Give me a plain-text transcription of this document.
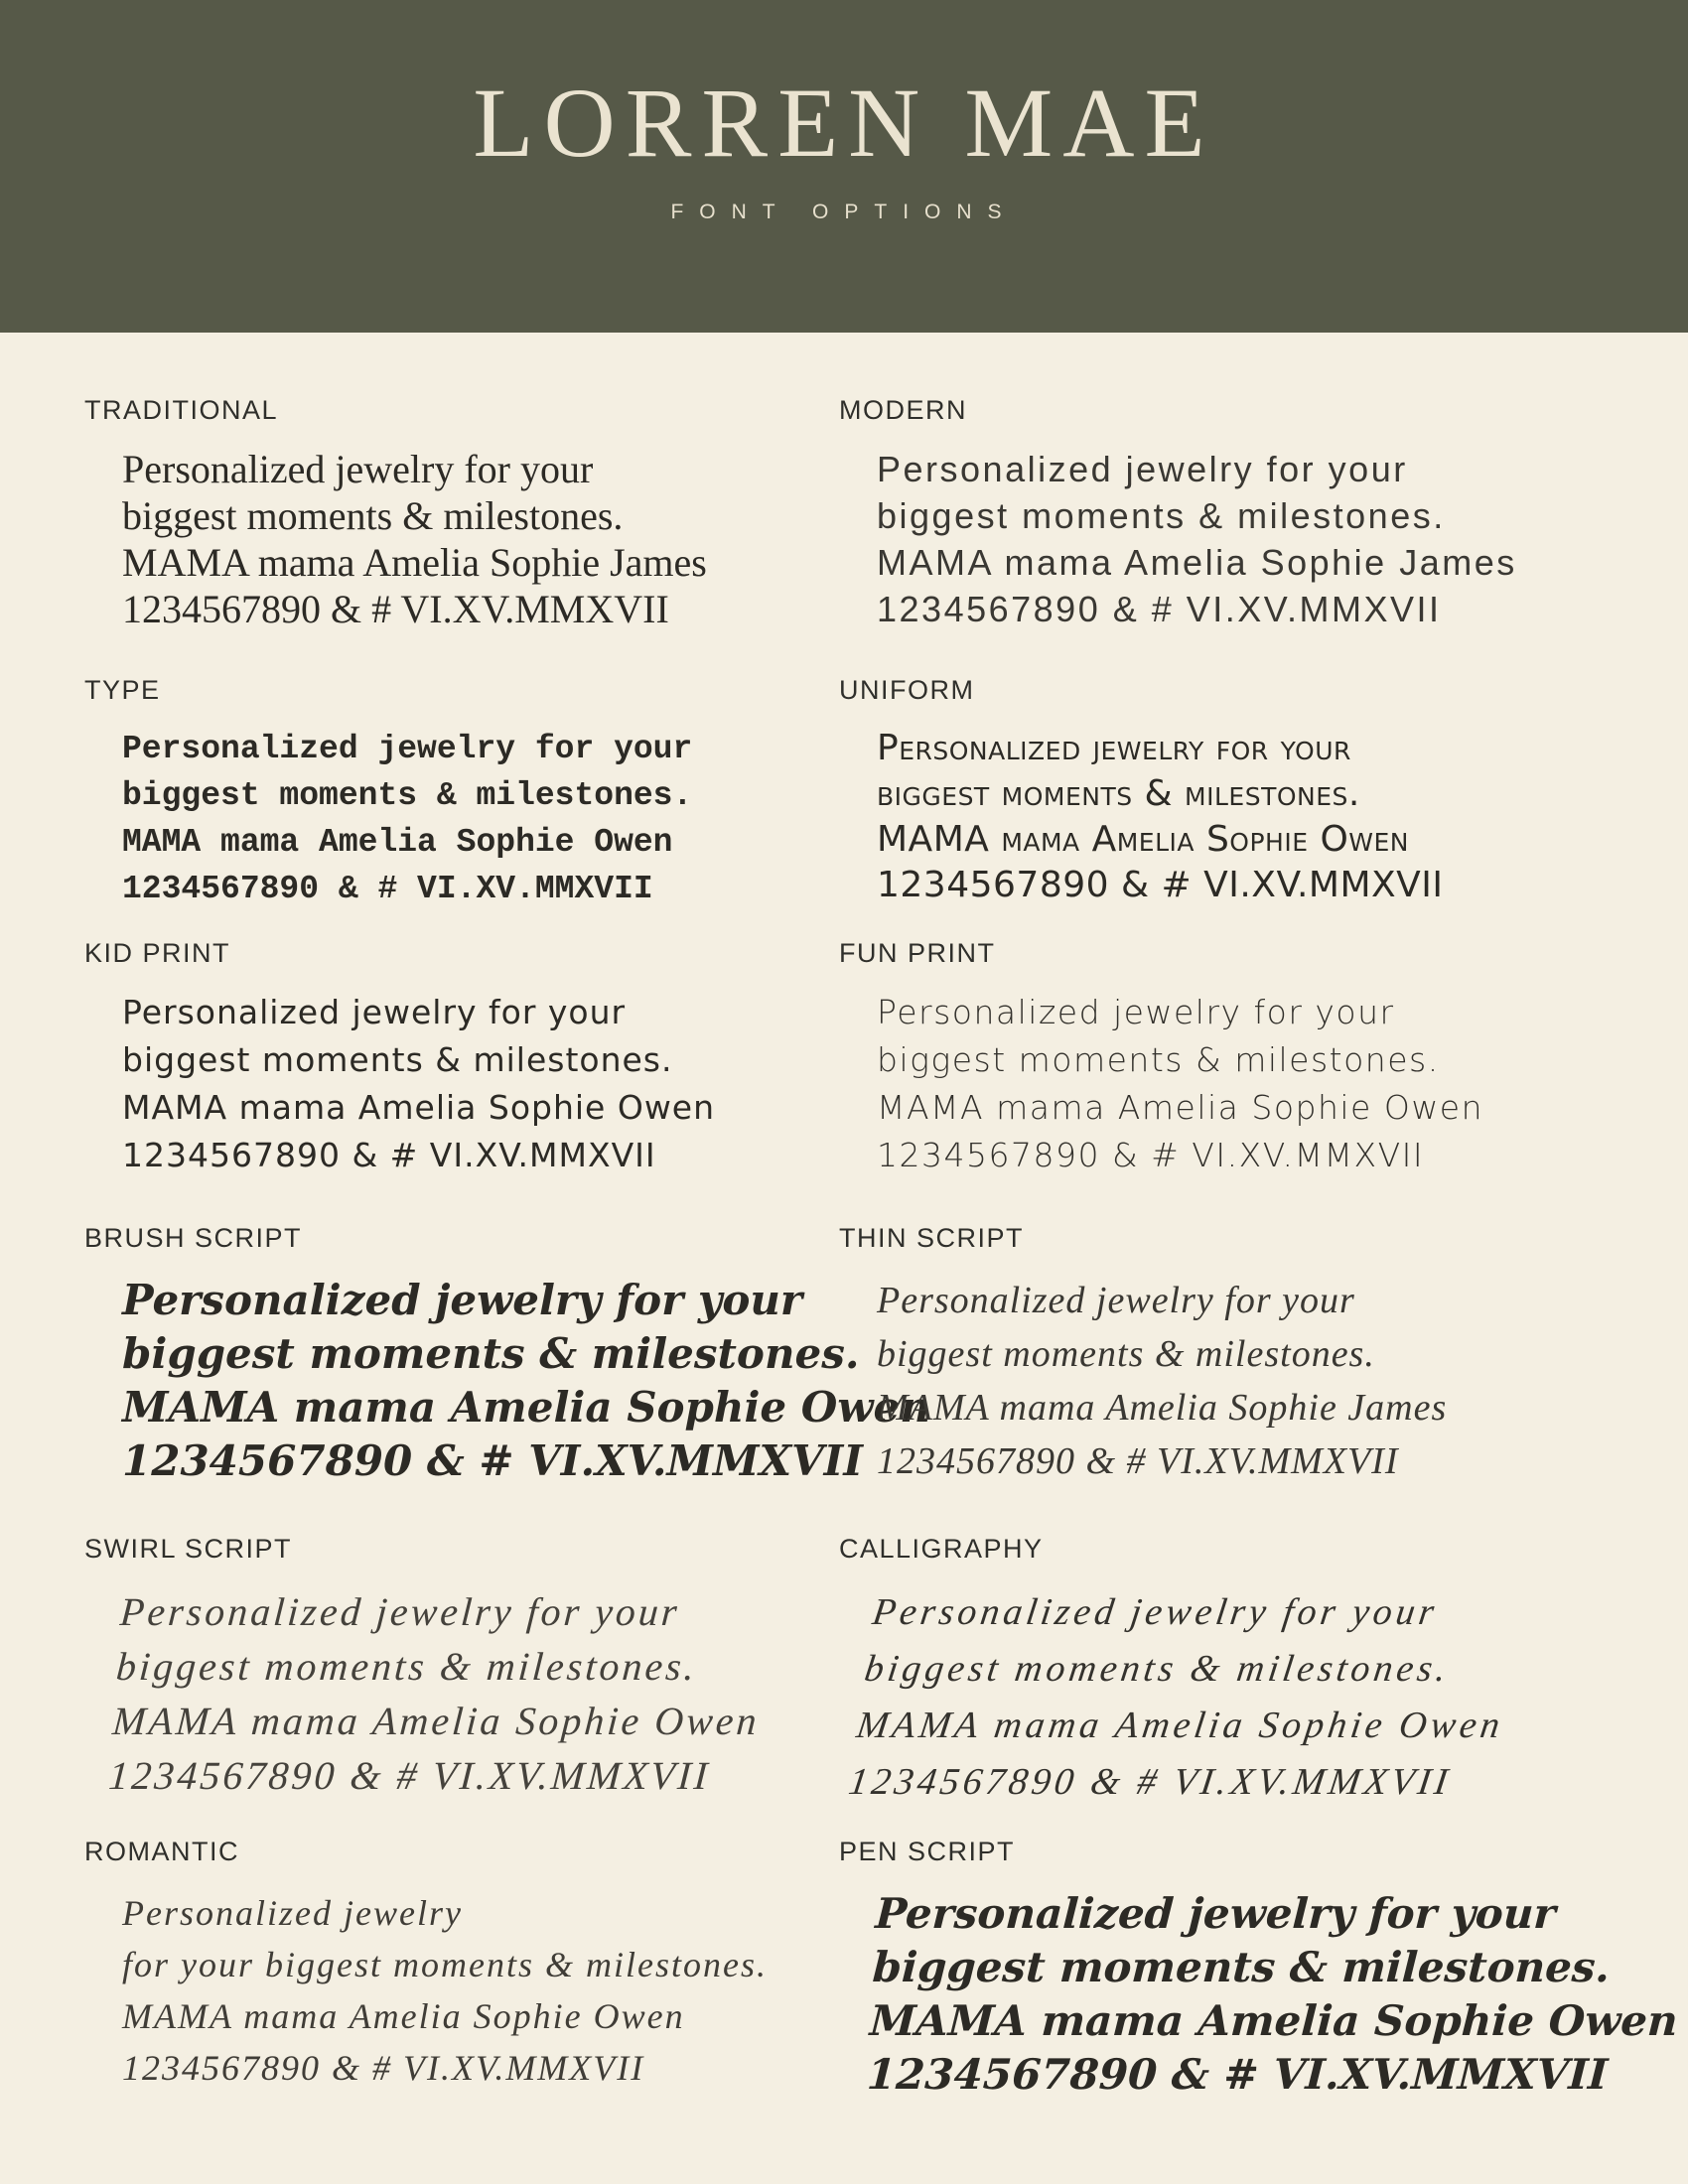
LORREN MAE
FONT OPTIONS
TRADITIONAL
Personalized jewelry for your
biggest moments & milestones.
MAMA mama Amelia Sophie James
1234567890 & # VI.XV.MMXVII
MODERN
Personalized jewelry for your
biggest moments & milestones.
MAMA mama Amelia Sophie James
1234567890 & # VI.XV.MMXVII
TYPE
Personalized jewelry for your
biggest moments & milestones.
MAMA mama Amelia Sophie Owen
1234567890 & # VI.XV.MMXVII
UNIFORM
Personalized jewelry for your
biggest moments & milestones.
MAMA mama Amelia Sophie Owen
1234567890 & # VI.XV.MMXVII
KID PRINT
Personalized jewelry for your
biggest moments & milestones.
MAMA mama Amelia Sophie Owen
1234567890 & # VI.XV.MMXVII
FUN PRINT
Personalized jewelry for your
biggest moments & milestones.
MAMA mama Amelia Sophie Owen
1234567890 & # VI.XV.MMXVII
BRUSH SCRIPT
Personalized jewelry for your
biggest moments & milestones.
MAMA mama Amelia Sophie Owen
1234567890 & # VI.XV.MMXVII
THIN SCRIPT
Personalized jewelry for your
biggest moments & milestones.
MAMA mama Amelia Sophie James
1234567890 & # VI.XV.MMXVII
SWIRL SCRIPT
Personalized jewelry for your
biggest moments & milestones.
MAMA mama Amelia Sophie Owen
1234567890 & # VI.XV.MMXVII
CALLIGRAPHY
Personalized jewelry for your
biggest moments & milestones.
MAMA mama Amelia Sophie Owen
1234567890 & # VI.XV.MMXVII
ROMANTIC
Personalized jewelry
for your biggest moments & milestones.
MAMA mama Amelia Sophie Owen
1234567890 & # VI.XV.MMXVII
PEN SCRIPT
Personalized jewelry for your
biggest moments & milestones.
MAMA mama Amelia Sophie Owen
1234567890 & # VI.XV.MMXVII
